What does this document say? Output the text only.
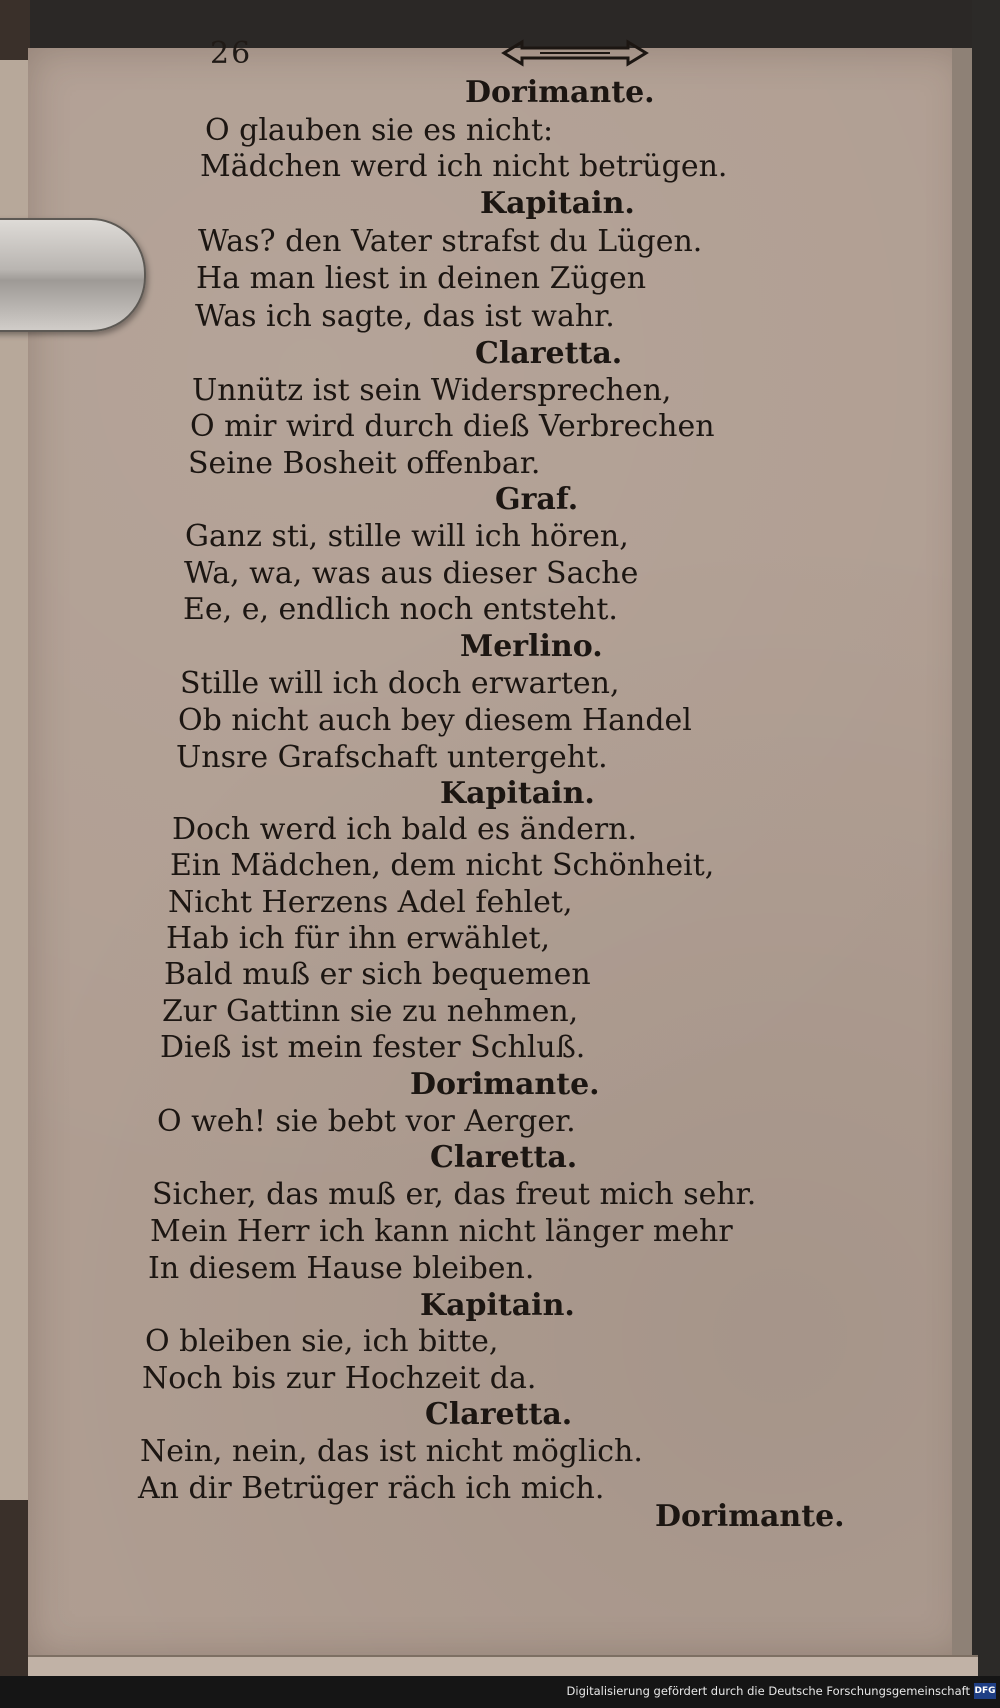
26
Dorimante.
O glauben sie es nicht:
Mädchen werd ich nicht betrügen.
Kapitain.
Was? den Vater strafst du Lügen.
Ha man liest in deinen Zügen
Was ich sagte, das ist wahr.
Claretta.
Unnütz ist sein Widersprechen,
O mir wird durch dieß Verbrechen
Seine Bosheit offenbar.
Graf.
Ganz sti, stille will ich hören,
Wa, wa, was aus dieser Sache
Ee, e, endlich noch entsteht.
Merlino.
Stille will ich doch erwarten,
Ob nicht auch bey diesem Handel
Unsre Grafschaft untergeht.
Kapitain.
Doch werd ich bald es ändern.
Ein Mädchen, dem nicht Schönheit,
Nicht Herzens Adel fehlet,
Hab ich für ihn erwählet,
Bald muß er sich bequemen
Zur Gattinn sie zu nehmen,
Dieß ist mein fester Schluß.
Dorimante.
O weh! sie bebt vor Aerger.
Claretta.
Sicher, das muß er, das freut mich sehr.
Mein Herr ich kann nicht länger mehr
In diesem Hause bleiben.
Kapitain.
O bleiben sie, ich bitte,
Noch bis zur Hochzeit da.
Claretta.
Nein, nein, das ist nicht möglich.
An dir Betrüger räch ich mich.
Dorimante.
Digitalisierung gefördert durch die Deutsche Forschungsgemeinschaft DFG
